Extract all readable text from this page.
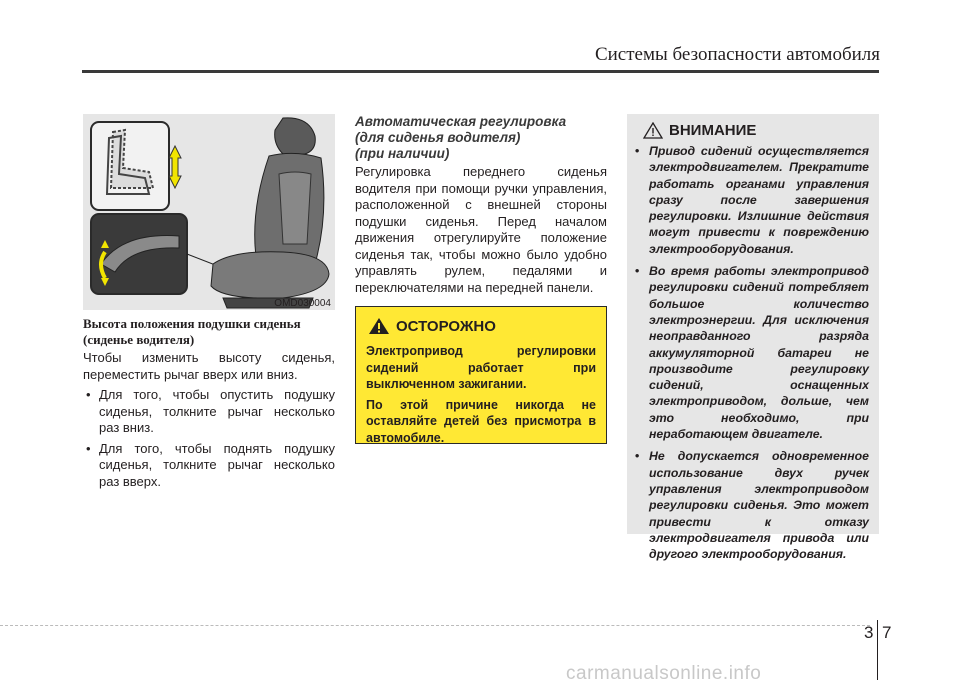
Системы безопасности автомобиля
OMD030004
Высота положения подушки сиденья
(сиденье водителя)
Чтобы изменить высоту сиденья, переместить рычаг вверх или вниз.
• Для того, чтобы опустить подушку сиденья, толкните рычаг несколько раз вниз.
• Для того, чтобы поднять подушку сиденья, толкните рычаг несколько раз вверх.
Автоматическая регулировка
(для сиденья водителя)
(при наличии)
Регулировка переднего сиденья водителя при помощи ручки управления, расположенной с внешней стороны подушки сиденья. Перед началом движения отрегулируйте положение сиденья так, чтобы можно было удобно управлять рулем, педалями и переключателями на передней панели.
ОСТОРОЖНО
Электропривод регулировки сидений работает при выключенном зажигании.
По этой причине никогда не оставляйте детей без присмотра в автомобиле.
ВНИМАНИЕ
• Привод сидений осуществляется электродвигателем. Прекратите работать органами управления сразу после завершения регулировки. Излишние действия могут привести к повреждению электрооборудования.
• Во время работы электропривод регулировки сидений потребляет большое количество электроэнергии. Для исключения неоправданного разряда аккумуляторной батареи не производите регулировку сидений, оснащенных электроприводом, дольше, чем это необходимо, при неработающем двигателе.
• Не допускается одновременное использование двух ручек управления электроприводом регулировки сиденья. Это может привести к отказу электродвигателя привода или другого электрооборудования.
3 7
carmanualsonline.info
